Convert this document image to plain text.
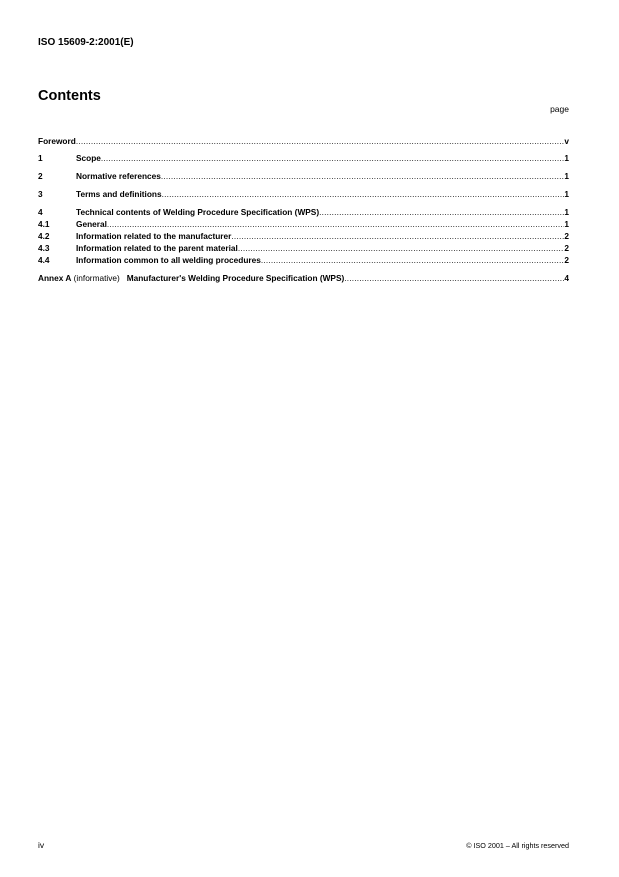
ISO 15609-2:2001(E)
Contents
page
Foreword .....	v
1	Scope .....	1
2	Normative references .....	1
3	Terms and definitions .....	1
4	Technical contents of Welding Procedure Specification (WPS) .....	1
4.1	General .....	1
4.2	Information related to the manufacturer .....	2
4.3	Information related to the parent material .....	2
4.4	Information common to all welding procedures .....	2
Annex A (informative)   Manufacturer's Welding Procedure Specification (WPS) .....	4
iv	© ISO 2001 – All rights reserved
